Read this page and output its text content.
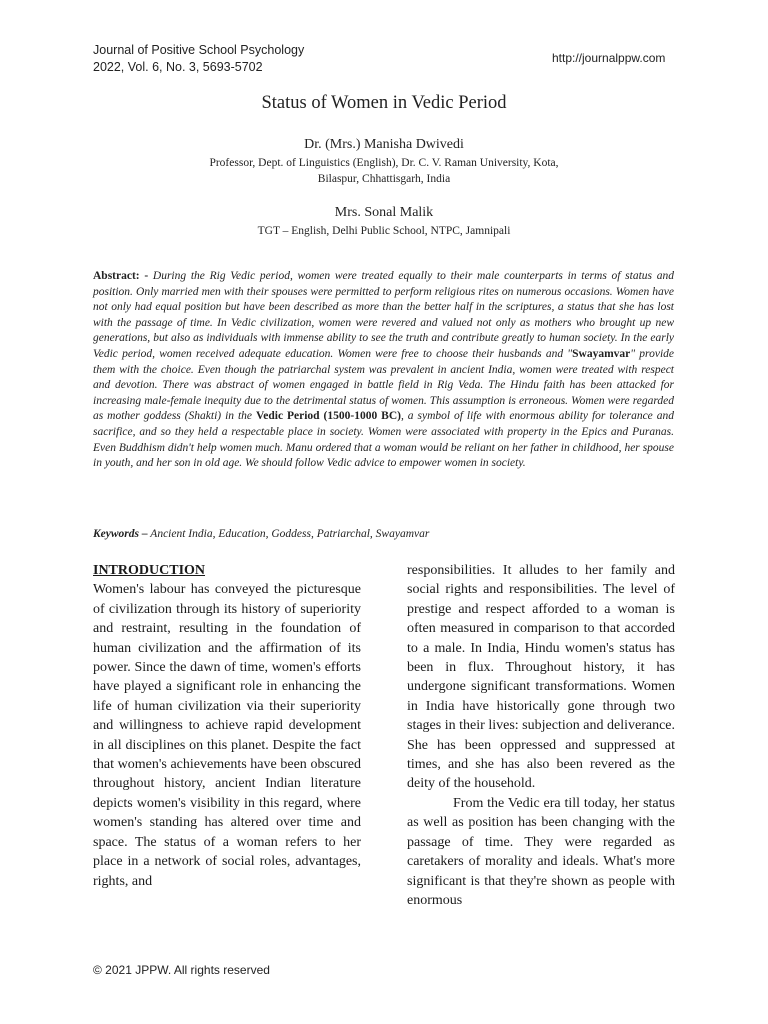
Journal of Positive School Psychology
2022, Vol. 6, No. 3, 5693-5702
http://journalppw.com
Status of Women in Vedic Period
Dr. (Mrs.) Manisha Dwivedi
Professor, Dept. of Linguistics (English), Dr. C. V. Raman University, Kota,
Bilaspur, Chhattisgarh, India
Mrs. Sonal Malik
TGT – English, Delhi Public School, NTPC, Jamnipali
Abstract: - During the Rig Vedic period, women were treated equally to their male counterparts in terms of status and position. Only married men with their spouses were permitted to perform religious rites on numerous occasions. Women have not only had equal position but have been described as more than the better half in the scriptures, a status that she has lost with the passage of time. In Vedic civilization, women were revered and valued not only as mothers who brought up new generations, but also as individuals with immense ability to see the truth and contribute greatly to human society. In the early Vedic period, women received adequate education. Women were free to choose their husbands and "Swayamvar" provide them with the choice. Even though the patriarchal system was prevalent in ancient India, women were treated with respect and devotion. There was abstract of women engaged in battle field in Rig Veda. The Hindu faith has been attacked for increasing male-female inequity due to the detrimental status of women. This assumption is erroneous. Women were regarded as mother goddess (Shakti) in the Vedic Period (1500-1000 BC), a symbol of life with enormous ability for tolerance and sacrifice, and so they held a respectable place in society. Women were associated with property in the Epics and Puranas. Even Buddhism didn't help women much. Manu ordered that a woman would be reliant on her father in childhood, her spouse in youth, and her son in old age. We should follow Vedic advice to empower women in society.
Keywords – Ancient India, Education, Goddess, Patriarchal, Swayamvar
INTRODUCTION

Women's labour has conveyed the picturesque of civilization through its history of superiority and restraint, resulting in the foundation of human civilization and the affirmation of its power. Since the dawn of time, women's efforts have played a significant role in enhancing the life of human civilization via their superiority and willingness to achieve rapid development in all disciplines on this planet. Despite the fact that women's achievements have been obscured throughout history, ancient Indian literature depicts women's visibility in this regard, where women's standing has altered over time and space. The status of a woman refers to her place in a network of social roles, advantages, rights, and

responsibilities. It alludes to her family and social rights and responsibilities. The level of prestige and respect afforded to a woman is often measured in comparison to that accorded to a male. In India, Hindu women's status has been in flux. Throughout history, it has undergone significant transformations. Women in India have historically gone through two stages in their lives: subjection and deliverance. She has been oppressed and suppressed at times, and she has also been revered as the deity of the household.

From the Vedic era till today, her status as well as position has been changing with the passage of time. They were regarded as caretakers of morality and ideals. What's more significant is that they're shown as people with enormous

© 2021 JPPW. All rights reserved
